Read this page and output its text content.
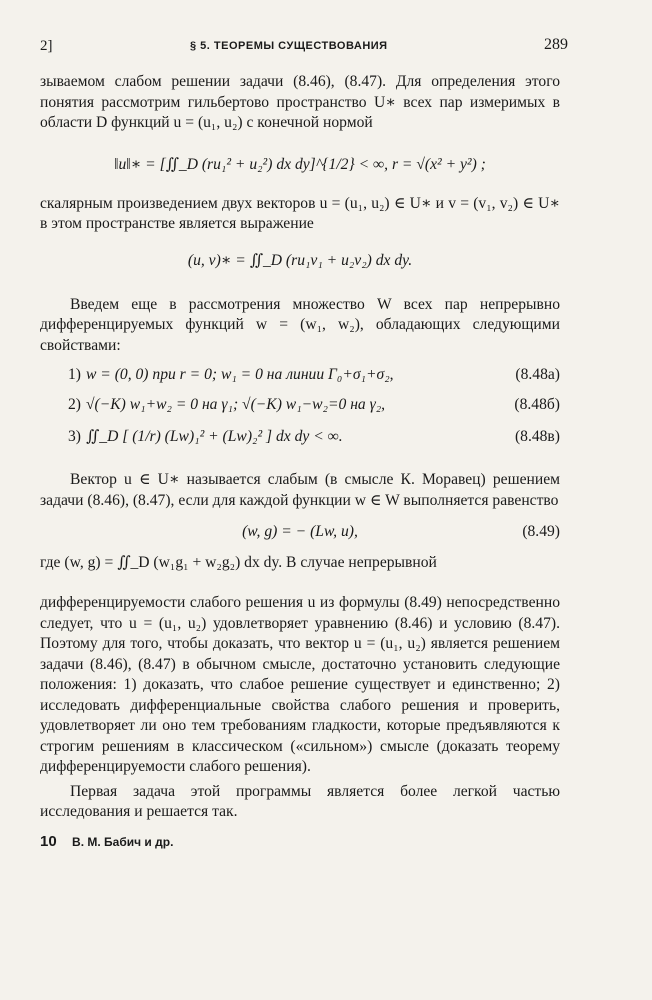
2]	§ 5. ТЕОРЕМЫ СУЩЕСТВОВАНИЯ	289

зываемом слабом решении задачи (8.46), (8.47). Для определения этого понятия рассмотрим гильбертово пространство U∗ всех пар измеримых в области D функций u = (u₁, u₂) с конечной нормой

‖u‖∗ = [∬_D (ru₁² + u₂²) dx dy]^{1/2} < ∞, r = √(x² + y²) ;

скалярным произведением двух векторов u = (u₁, u₂) ∈ U∗ и v = (v₁, v₂) ∈ U∗ в этом пространстве является выражение

(u, v)∗ = ∬_D (ru₁v₁ + u₂v₂) dx dy.

Введем еще в рассмотрения множество W всех пар непрерывно дифференцируемых функций w = (w₁, w₂), обладающих следующими свойствами:

1) w = (0, 0) при r = 0; w₁ = 0 на линии Γ₀+σ₁+σ₂,	(8.48а)
2) √(−K) w₁+w₂ = 0 на γ₁; √(−K) w₁−w₂=0 на γ₂,	(8.48б)
3) ∬_D [ (1/r) (Lw)₁² + (Lw)₂² ] dx dy < ∞.	(8.48в)

Вектор u ∈ U∗ называется слабым (в смысле К. Моравец) решением задачи (8.46), (8.47), если для каждой функции w ∈ W выполняется равенство

(w, g) = − (Lw, u),	(8.49)

где (w, g) = ∬_D (w₁g₁ + w₂g₂) dx dy. В случае непрерывной

дифференцируемости слабого решения u из формулы (8.49) непосредственно следует, что u = (u₁, u₂) удовлетворяет уравнению (8.46) и условию (8.47). Поэтому для того, чтобы доказать, что вектор u = (u₁, u₂) является решением задачи (8.46), (8.47) в обычном смысле, достаточно установить следующие положения: 1) доказать, что слабое решение существует и единственно; 2) исследовать дифференциальные свойства слабого решения и проверить, удовлетворяет ли оно тем требованиям гладкости, которые предъявляются к строгим решениям в классическом («сильном») смысле (доказать теорему дифференцируемости слабого решения).

Первая задача этой программы является более легкой частью исследования и решается так.

10 В. М. Бабич и др.
